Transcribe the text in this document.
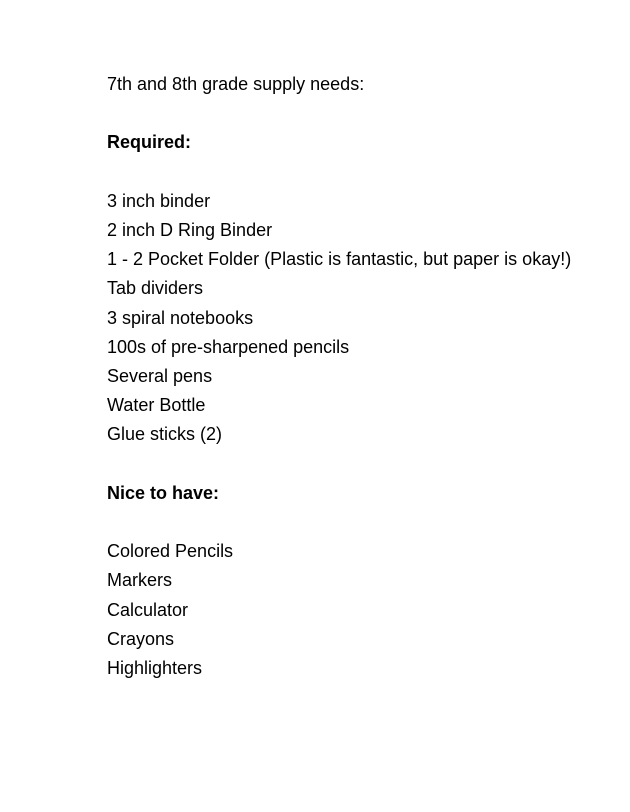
7th and 8th grade supply needs:

Required:

3 inch binder
2 inch D Ring Binder
1 - 2 Pocket Folder (Plastic is fantastic, but paper is okay!)
Tab dividers
3 spiral notebooks
100s of pre-sharpened pencils
Several pens
Water Bottle
Glue sticks (2)

Nice to have:

Colored Pencils
Markers
Calculator
Crayons
Highlighters
